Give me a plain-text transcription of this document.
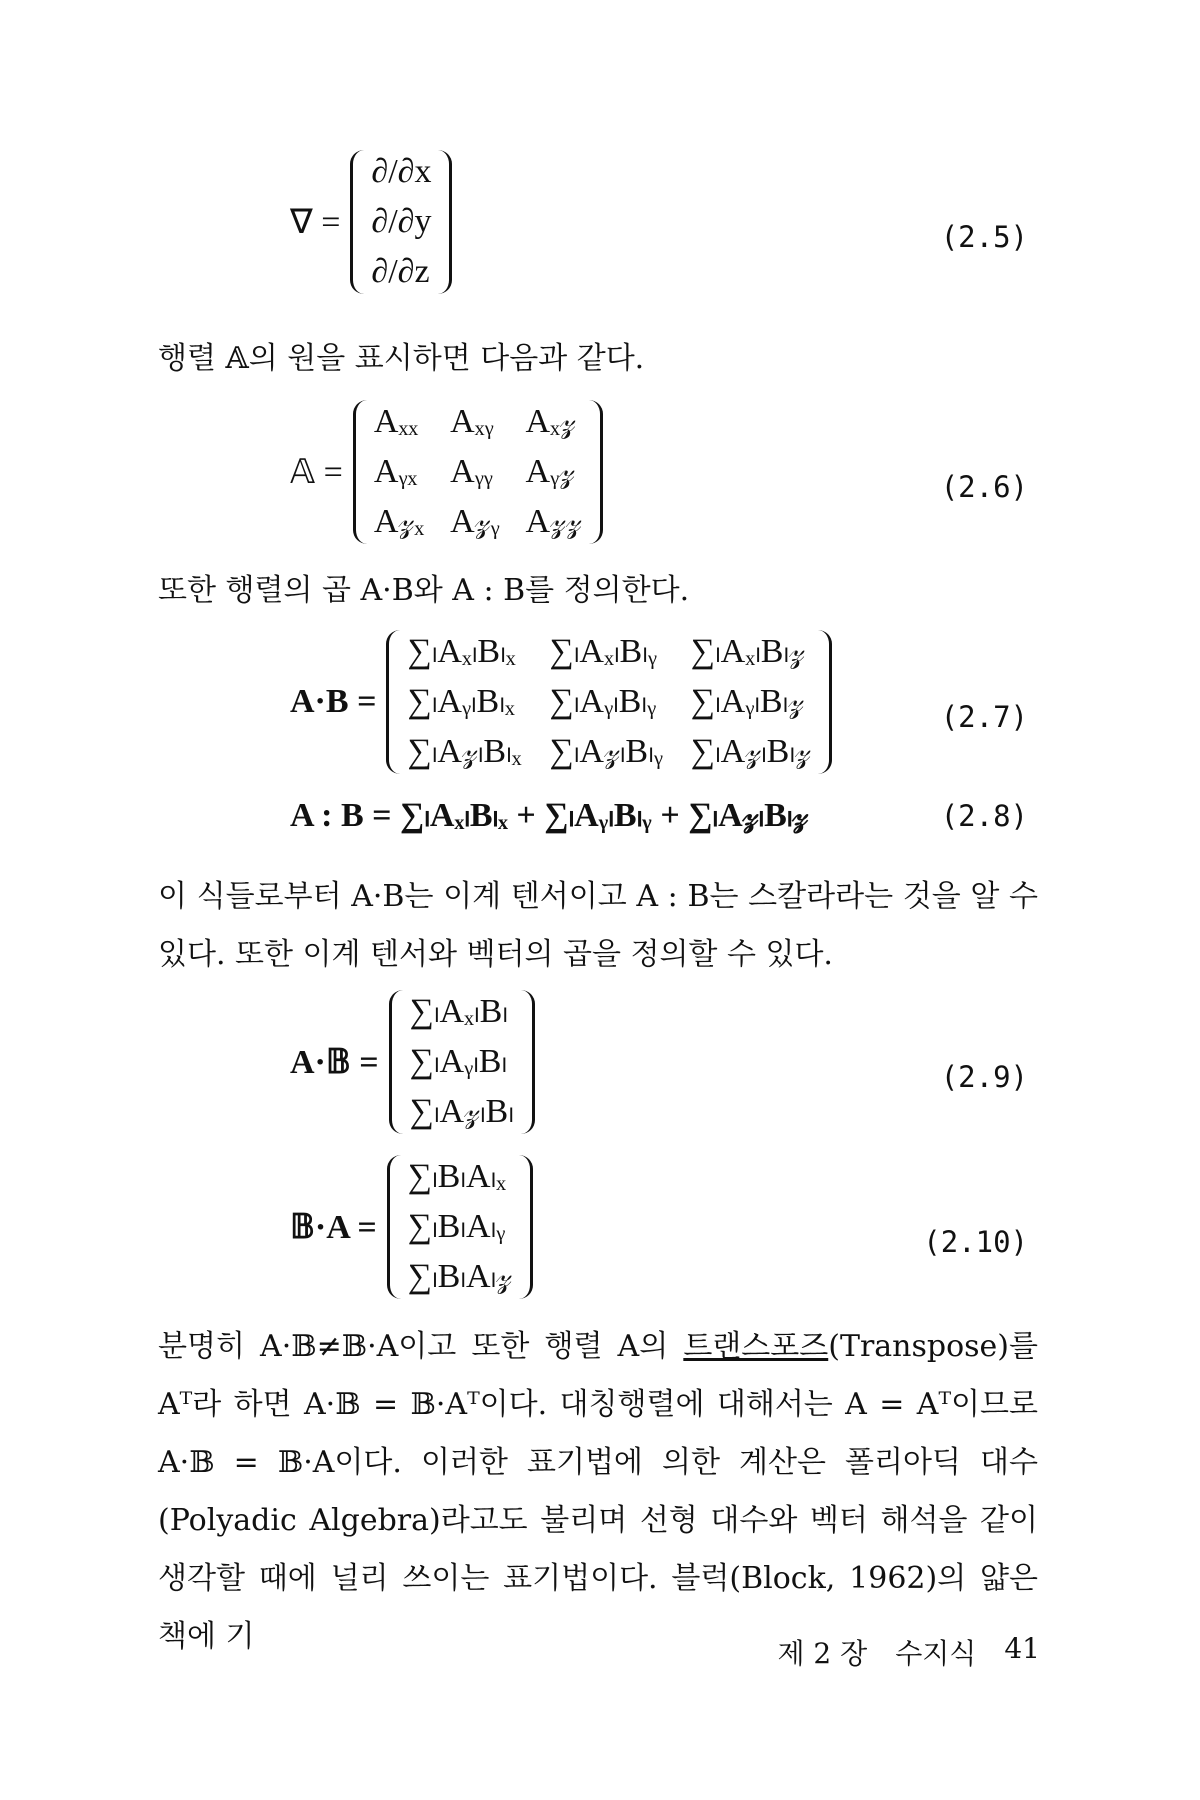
∇ =
∂/∂x
∂/∂y
∂/∂z
(2.5)
행렬 𝔸의 원을 표시하면 다음과 같다.
𝔸 =
Aₓₓ Aₓᵧ Aₓ𝓏
Aᵧₓ Aᵧᵧ Aᵧ𝓏
A𝓏ₓ A𝓏ᵧ A𝓏𝓏
(2.6)
또한 행렬의 곱 A·B와 A : B를 정의한다.
A·B =
∑ₗAₓₗBₗₓ ∑ₗAₓₗBₗᵧ ∑ₗAₓₗBₗ𝓏
∑ₗAᵧₗBₗₓ ∑ₗAᵧₗBₗᵧ ∑ₗAᵧₗBₗ𝓏
∑ₗA𝓏ₗBₗₓ ∑ₗA𝓏ₗBₗᵧ ∑ₗA𝓏ₗBₗ𝓏
(2.7)
A : B = ∑ₗAₓₗBₗₓ + ∑ₗAᵧₗBₗᵧ + ∑ₗA𝓏ₗBₗ𝓏	(2.8)
이 식들로부터 A·B는 이계 텐서이고 A : B는 스칼라라는 것을 알 수 있다. 또한 이계 텐서와 벡터의 곱을 정의할 수 있다.
A·𝔹 =
∑ₗAₓₗBₗ
∑ₗAᵧₗBₗ
∑ₗA𝓏ₗBₗ
(2.9)
𝔹·A =
∑ₗBₗAₗₓ
∑ₗBₗAₗᵧ
∑ₗBₗAₗ𝓏
(2.10)
분명히 A·𝔹≠𝔹·A이고 또한 행렬 A의 트랜스포즈(Transpose)를 Aᵀ라 하면 A·𝔹 = 𝔹·Aᵀ이다. 대칭행렬에 대해서는 A = Aᵀ이므로 A·𝔹 = 𝔹·A이다. 이러한 표기법에 의한 계산은 폴리아딕 대수(Polyadic Algebra)라고도 불리며 선형 대수와 벡터 해석을 같이 생각할 때에 널리 쓰이는 표기법이다. 블럭(Block, 1962)의 얇은 책에 기	제 2 장 수지식 41
